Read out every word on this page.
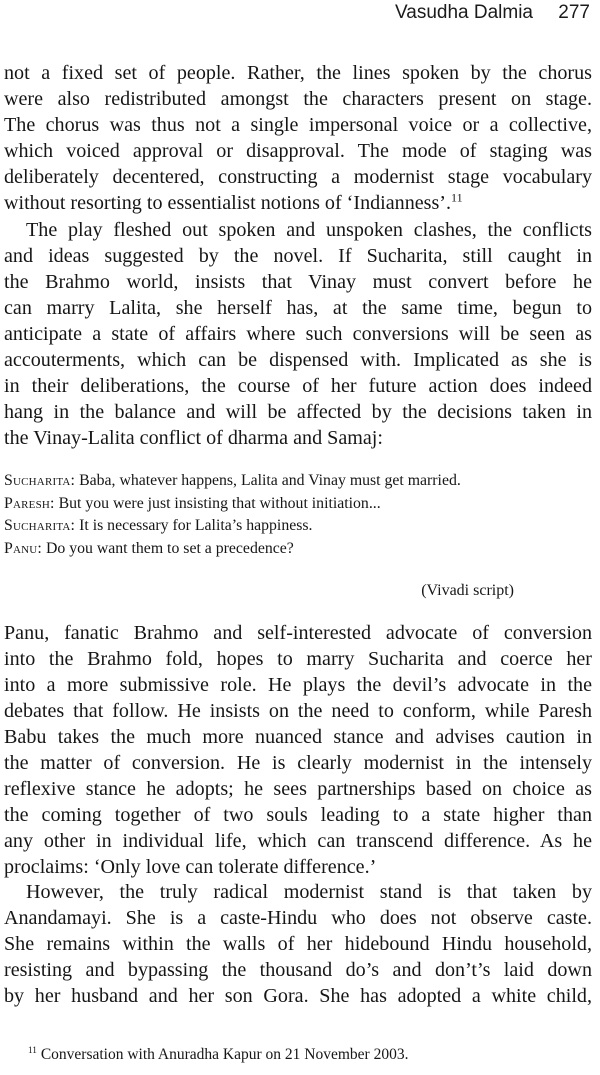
Vasudha Dalmia 277

not a fixed set of people. Rather, the lines spoken by the chorus
were also redistributed amongst the characters present on stage.
The chorus was thus not a single impersonal voice or a collective,
which voiced approval or disapproval. The mode of staging was
deliberately decentered, constructing a modernist stage vocabulary
without resorting to essentialist notions of ‘Indianness’.$^{11}$

The play fleshed out spoken and unspoken clashes, the conflicts
and ideas suggested by the novel. If Sucharita, still caught in
the Brahmo world, insists that Vinay must convert before he
can marry Lalita, she herself has, at the same time, begun to
anticipate a state of affairs where such conversions will be seen as
accouterments, which can be dispensed with. Implicated as she is
in their deliberations, the course of her future action does indeed
hang in the balance and will be affected by the decisions taken in
the Vinay-Lalita conflict of dharma and Samaj:

Sucharita: Baba, whatever happens, Lalita and Vinay must get married.
Paresh: But you were just insisting that without initiation...
Sucharita: It is necessary for Lalita’s happiness.
Panu: Do you want them to set a precedence?
(Vivadi script)

Panu, fanatic Brahmo and self-interested advocate of conversion
into the Brahmo fold, hopes to marry Sucharita and coerce her
into a more submissive role. He plays the devil’s advocate in the
debates that follow. He insists on the need to conform, while Paresh
Babu takes the much more nuanced stance and advises caution in
the matter of conversion. He is clearly modernist in the intensely
reflexive stance he adopts; he sees partnerships based on choice as
the coming together of two souls leading to a state higher than
any other in individual life, which can transcend difference. As he
proclaims: ‘Only love can tolerate difference.’

However, the truly radical modernist stand is that taken by
Anandamayi. She is a caste-Hindu who does not observe caste.
She remains within the walls of her hidebound Hindu household,
resisting and bypassing the thousand do’s and don’t’s laid down
by her husband and her son Gora. She has adopted a white child,

$^{11}$ Conversation with Anuradha Kapur on 21 November 2003.
